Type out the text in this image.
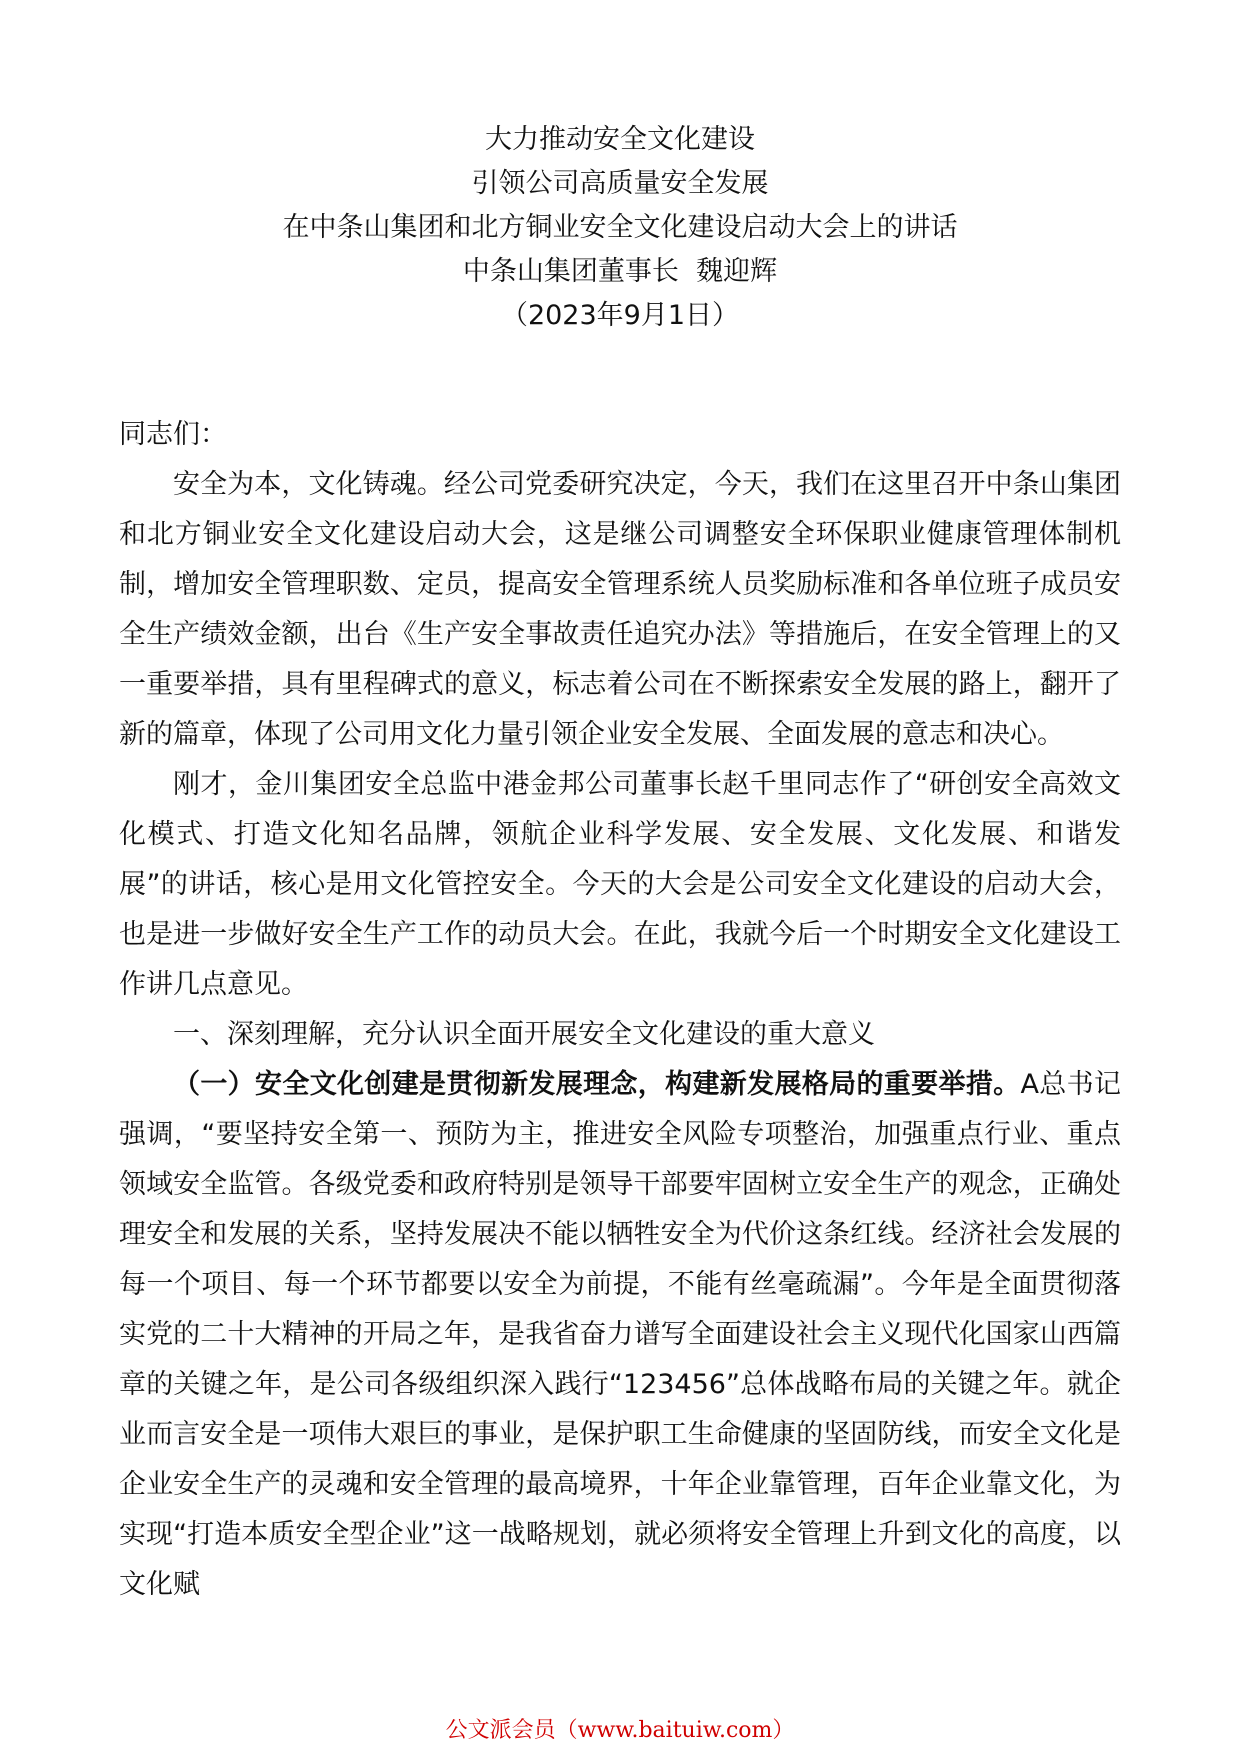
大力推动安全文化建设
引领公司高质量安全发展
在中条山集团和北方铜业安全文化建设启动大会上的讲话
中条山集团董事长  魏迎辉
（2023年9月1日）

同志们：

安全为本，文化铸魂。经公司党委研究决定，今天，我们在这里召开中条山集团和北方铜业安全文化建设启动大会，这是继公司调整安全环保职业健康管理体制机制，增加安全管理职数、定员，提高安全管理系统人员奖励标准和各单位班子成员安全生产绩效金额，出台《生产安全事故责任追究办法》等措施后，在安全管理上的又一重要举措，具有里程碑式的意义，标志着公司在不断探索安全发展的路上，翻开了新的篇章，体现了公司用文化力量引领企业安全发展、全面发展的意志和决心。

刚才，金川集团安全总监中港金邦公司董事长赵千里同志作了“研创安全高效文化模式、打造文化知名品牌，领航企业科学发展、安全发展、文化发展、和谐发展”的讲话，核心是用文化管控安全。今天的大会是公司安全文化建设的启动大会，也是进一步做好安全生产工作的动员大会。在此，我就今后一个时期安全文化建设工作讲几点意见。

一、深刻理解，充分认识全面开展安全文化建设的重大意义

（一）安全文化创建是贯彻新发展理念，构建新发展格局的重要举措。A总书记强调，“要坚持安全第一、预防为主，推进安全风险专项整治，加强重点行业、重点领域安全监管。各级党委和政府特别是领导干部要牢固树立安全生产的观念，正确处理安全和发展的关系，坚持发展决不能以牺牲安全为代价这条红线。经济社会发展的每一个项目、每一个环节都要以安全为前提，不能有丝毫疏漏”。今年是全面贯彻落实党的二十大精神的开局之年，是我省奋力谱写全面建设社会主义现代化国家山西篇章的关键之年，是公司各级组织深入践行“123456”总体战略布局的关键之年。就企业而言安全是一项伟大艰巨的事业，是保护职工生命健康的坚固防线，而安全文化是企业安全生产的灵魂和安全管理的最高境界，十年企业靠管理，百年企业靠文化，为实现“打造本质安全型企业”这一战略规划，就必须将安全管理上升到文化的高度，以文化赋

公文派会员（www.baituiw.com）
